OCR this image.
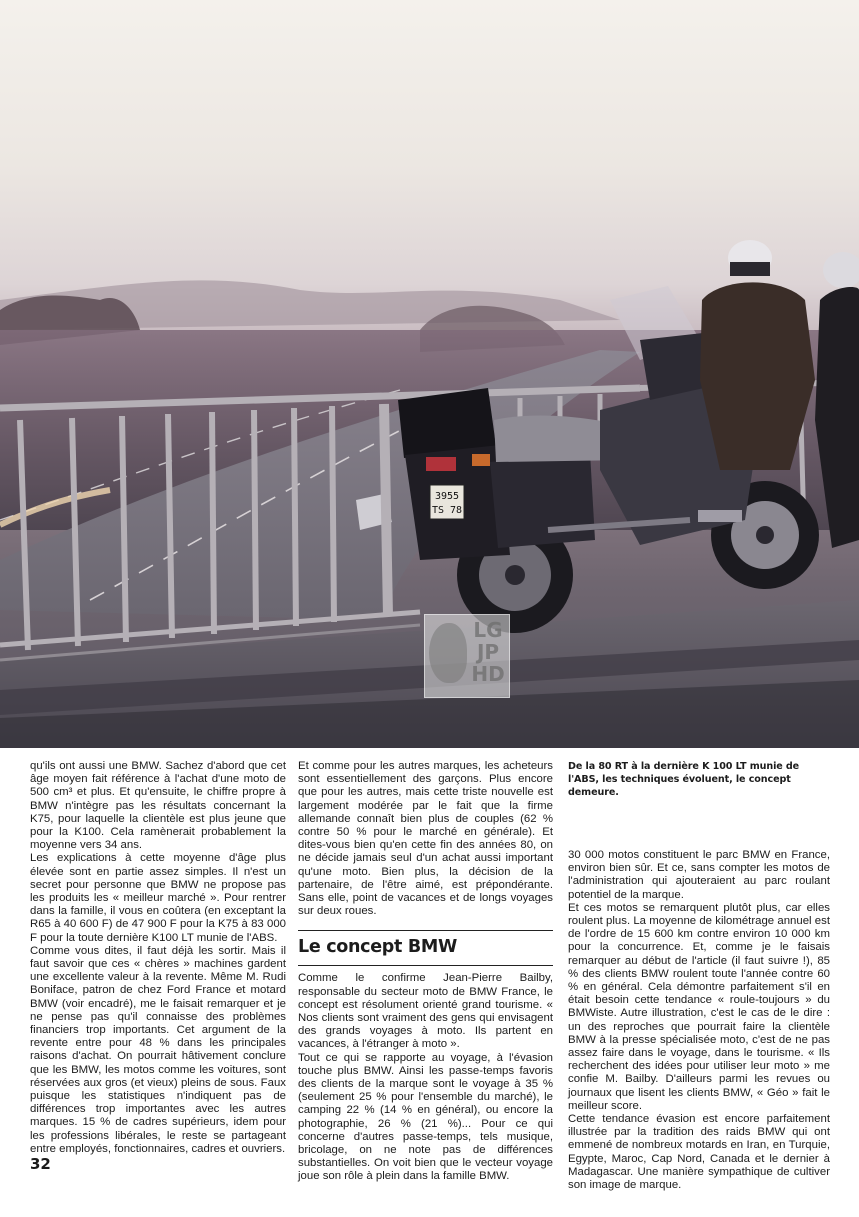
3955
TS 78
LG
JP
HD

qu'ils ont aussi une BMW. Sachez d'abord que cet âge moyen fait référence à l'achat d'une moto de 500 cm³ et plus. Et qu'ensuite, le chiffre propre à BMW n'intègre pas les résultats concernant la K75, pour laquelle la clientèle est plus jeune que pour la K100. Cela ramènerait probablement la moyenne vers 34 ans.

Les explications à cette moyenne d'âge plus élevée sont en partie assez simples. Il n'est un secret pour personne que BMW ne propose pas les produits les « meilleur marché ». Pour rentrer dans la famille, il vous en coûtera (en exceptant la R65 à 40 600 F) de 47 900 F pour la K75 à 83 000 F pour la toute dernière K100 LT munie de l'ABS.

Comme vous dites, il faut déjà les sortir. Mais il faut savoir que ces « chères » machines gardent une excellente valeur à la revente. Même M. Rudi Boniface, patron de chez Ford France et motard BMW (voir encadré), me le faisait remarquer et je ne pense pas qu'il connaisse des problèmes financiers trop importants. Cet argument de la revente entre pour 48 % dans les principales raisons d'achat. On pourrait hâtivement conclure que les BMW, les motos comme les voitures, sont réservées aux gros (et vieux) pleins de sous. Faux puisque les statistiques n'indiquent pas de différences trop importantes avec les autres marques. 15 % de cadres supérieurs, idem pour les professions libérales, le reste se partageant entre employés, fonctionnaires, cadres et ouvriers.

Et comme pour les autres marques, les acheteurs sont essentiellement des garçons. Plus encore que pour les autres, mais cette triste nouvelle est largement modérée par le fait que la firme allemande connaît bien plus de couples (62 % contre 50 % pour le marché en générale). Et dites-vous bien qu'en cette fin des années 80, on ne décide jamais seul d'un achat aussi important qu'une moto. Bien plus, la décision de la partenaire, de l'être aimé, est prépondérante. Sans elle, point de vacances et de longs voyages sur deux roues.

Le concept BMW

Comme le confirme Jean-Pierre Bailby, responsable du secteur moto de BMW France, le concept est résolument orienté grand tourisme. « Nos clients sont vraiment des gens qui envisagent des grands voyages à moto. Ils partent en vacances, à l'étranger à moto ».

Tout ce qui se rapporte au voyage, à l'évasion touche plus BMW. Ainsi les passe-temps favoris des clients de la marque sont le voyage à 35 % (seulement 25 % pour l'ensemble du marché), le camping 22 % (14 % en général), ou encore la photographie, 26 % (21 %)... Pour ce qui concerne d'autres passe-temps, tels musique, bricolage, on ne note pas de différences substantielles. On voit bien que le vecteur voyage joue son rôle à plein dans la famille BMW.

De la 80 RT à la dernière K 100 LT munie de l'ABS, les techniques évoluent, le concept demeure.

30 000 motos constituent le parc BMW en France, environ bien sûr. Et ce, sans compter les motos de l'administration qui ajouteraient au parc roulant potentiel de la marque.

Et ces motos se remarquent plutôt plus, car elles roulent plus. La moyenne de kilométrage annuel est de l'ordre de 15 600 km contre environ 10 000 km pour la concurrence. Et, comme je le faisais remarquer au début de l'article (il faut suivre !), 85 % des clients BMW roulent toute l'année contre 60 % en général. Cela démontre parfaitement s'il en était besoin cette tendance « roule-toujours » du BMWiste. Autre illustration, c'est le cas de le dire : un des reproches que pourrait faire la clientèle BMW à la presse spécialisée moto, c'est de ne pas assez faire dans le voyage, dans le tourisme. « Ils recherchent des idées pour utiliser leur moto » me confie M. Bailby. D'ailleurs parmi les revues ou journaux que lisent les clients BMW, « Géo » fait le meilleur score.

Cette tendance évasion est encore parfaitement illustrée par la tradition des raids BMW qui ont emmené de nombreux motards en Iran, en Turquie, Egypte, Maroc, Cap Nord, Canada et le dernier à Madagascar. Une manière sympathique de cultiver son image de marque.

32
